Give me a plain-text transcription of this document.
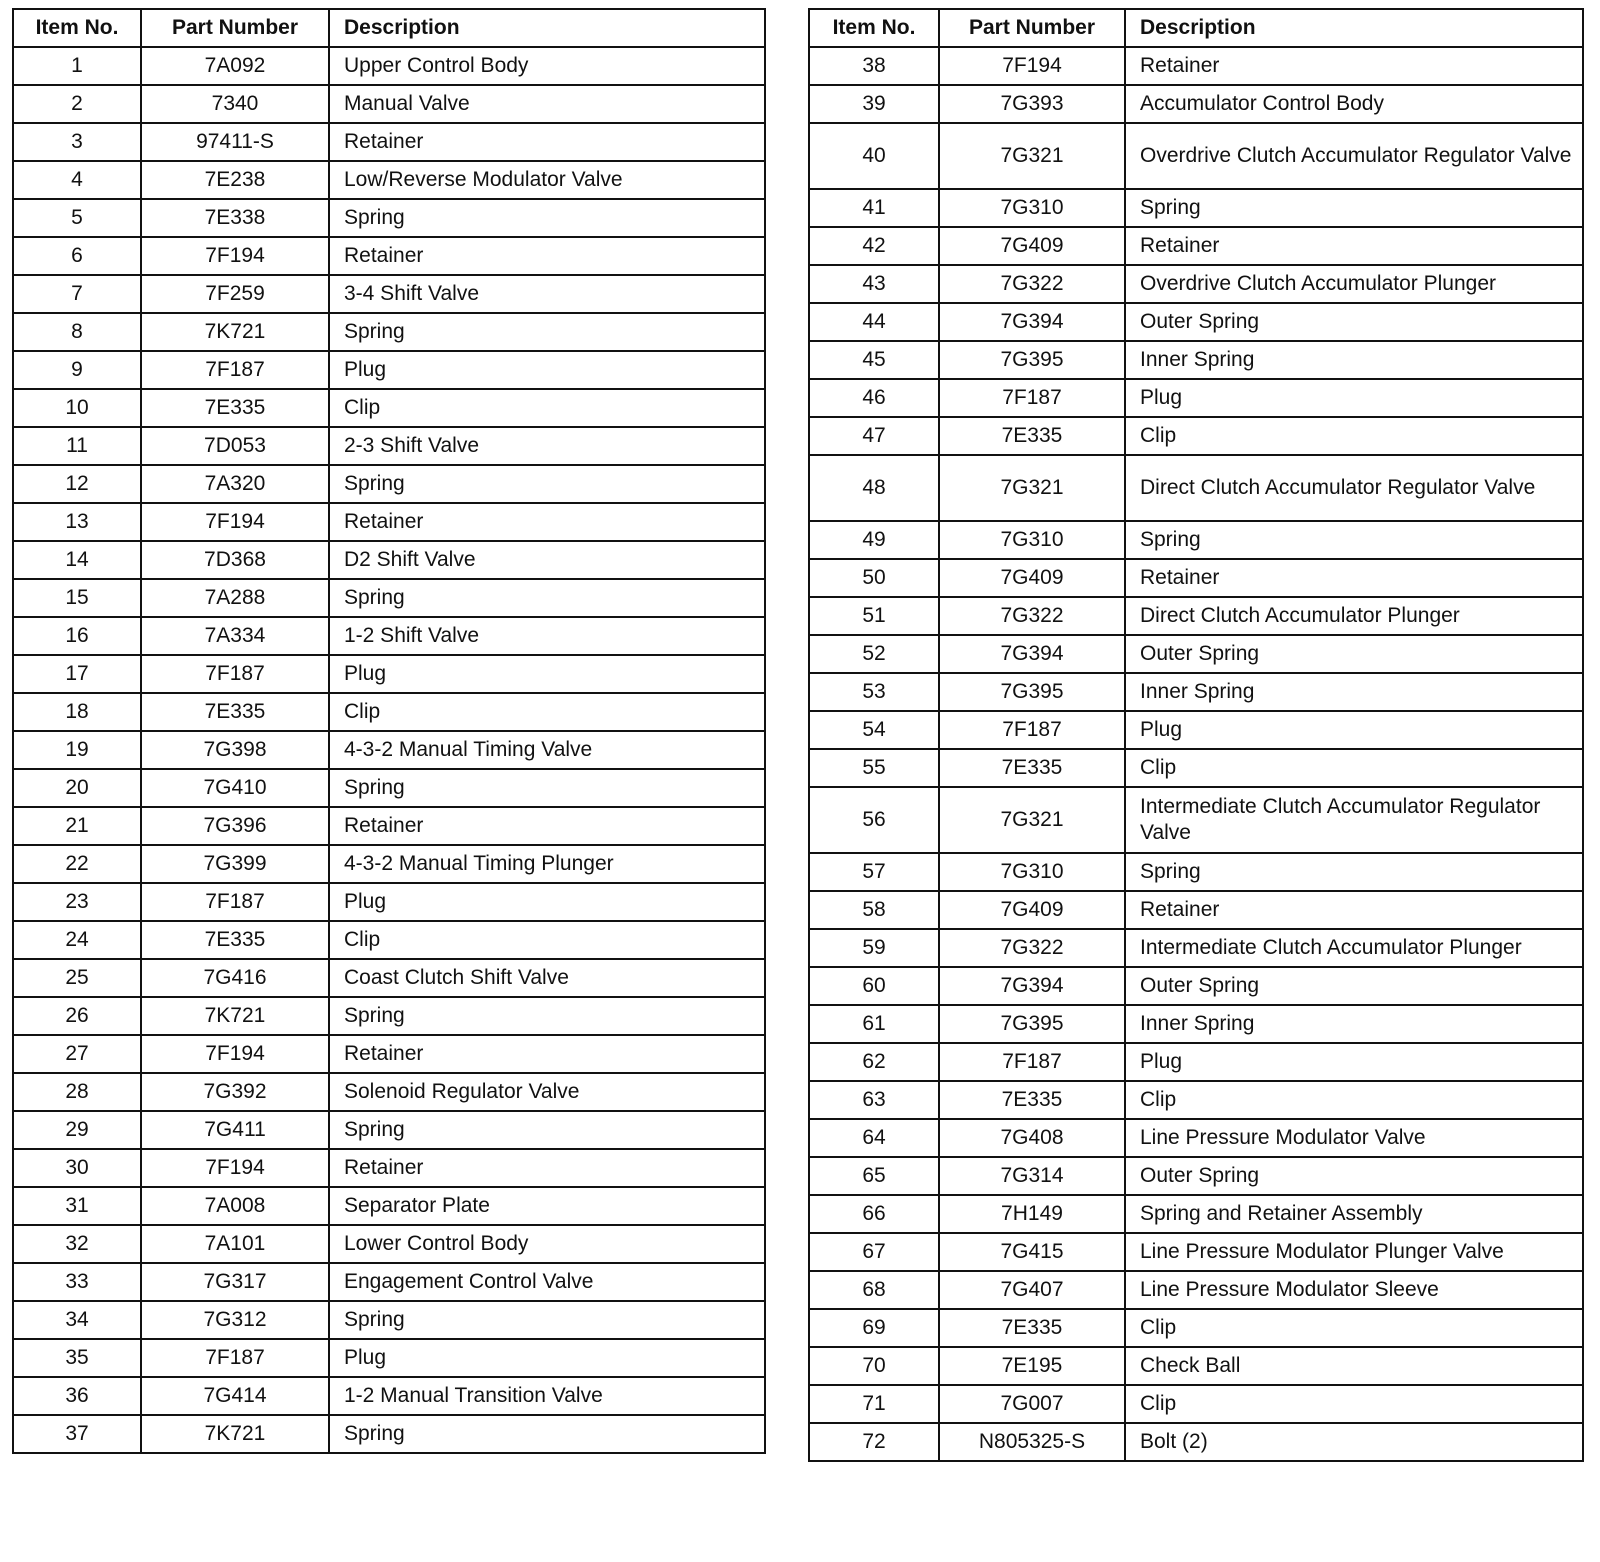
Item No.	Part Number	Description
1	7A092	Upper Control Body
2	7340	Manual Valve
3	97411-S	Retainer
4	7E238	Low/Reverse Modulator Valve
5	7E338	Spring
6	7F194	Retainer
7	7F259	3-4 Shift Valve
8	7K721	Spring
9	7F187	Plug
10	7E335	Clip
11	7D053	2-3 Shift Valve
12	7A320	Spring
13	7F194	Retainer
14	7D368	D2 Shift Valve
15	7A288	Spring
16	7A334	1-2 Shift Valve
17	7F187	Plug
18	7E335	Clip
19	7G398	4-3-2 Manual Timing Valve
20	7G410	Spring
21	7G396	Retainer
22	7G399	4-3-2 Manual Timing Plunger
23	7F187	Plug
24	7E335	Clip
25	7G416	Coast Clutch Shift Valve
26	7K721	Spring
27	7F194	Retainer
28	7G392	Solenoid Regulator Valve
29	7G411	Spring
30	7F194	Retainer
31	7A008	Separator Plate
32	7A101	Lower Control Body
33	7G317	Engagement Control Valve
34	7G312	Spring
35	7F187	Plug
36	7G414	1-2 Manual Transition Valve
37	7K721	Spring
Item No.	Part Number	Description
38	7F194	Retainer
39	7G393	Accumulator Control Body
40	7G321	Overdrive Clutch Accumulator Regulator Valve
41	7G310	Spring
42	7G409	Retainer
43	7G322	Overdrive Clutch Accumulator Plunger
44	7G394	Outer Spring
45	7G395	Inner Spring
46	7F187	Plug
47	7E335	Clip
48	7G321	Direct Clutch Accumulator Regulator Valve
49	7G310	Spring
50	7G409	Retainer
51	7G322	Direct Clutch Accumulator Plunger
52	7G394	Outer Spring
53	7G395	Inner Spring
54	7F187	Plug
55	7E335	Clip
56	7G321	Intermediate Clutch Accumulator Regulator Valve
57	7G310	Spring
58	7G409	Retainer
59	7G322	Intermediate Clutch Accumulator Plunger
60	7G394	Outer Spring
61	7G395	Inner Spring
62	7F187	Plug
63	7E335	Clip
64	7G408	Line Pressure Modulator Valve
65	7G314	Outer Spring
66	7H149	Spring and Retainer Assembly
67	7G415	Line Pressure Modulator Plunger Valve
68	7G407	Line Pressure Modulator Sleeve
69	7E335	Clip
70	7E195	Check Ball
71	7G007	Clip
72	N805325-S	Bolt (2)
